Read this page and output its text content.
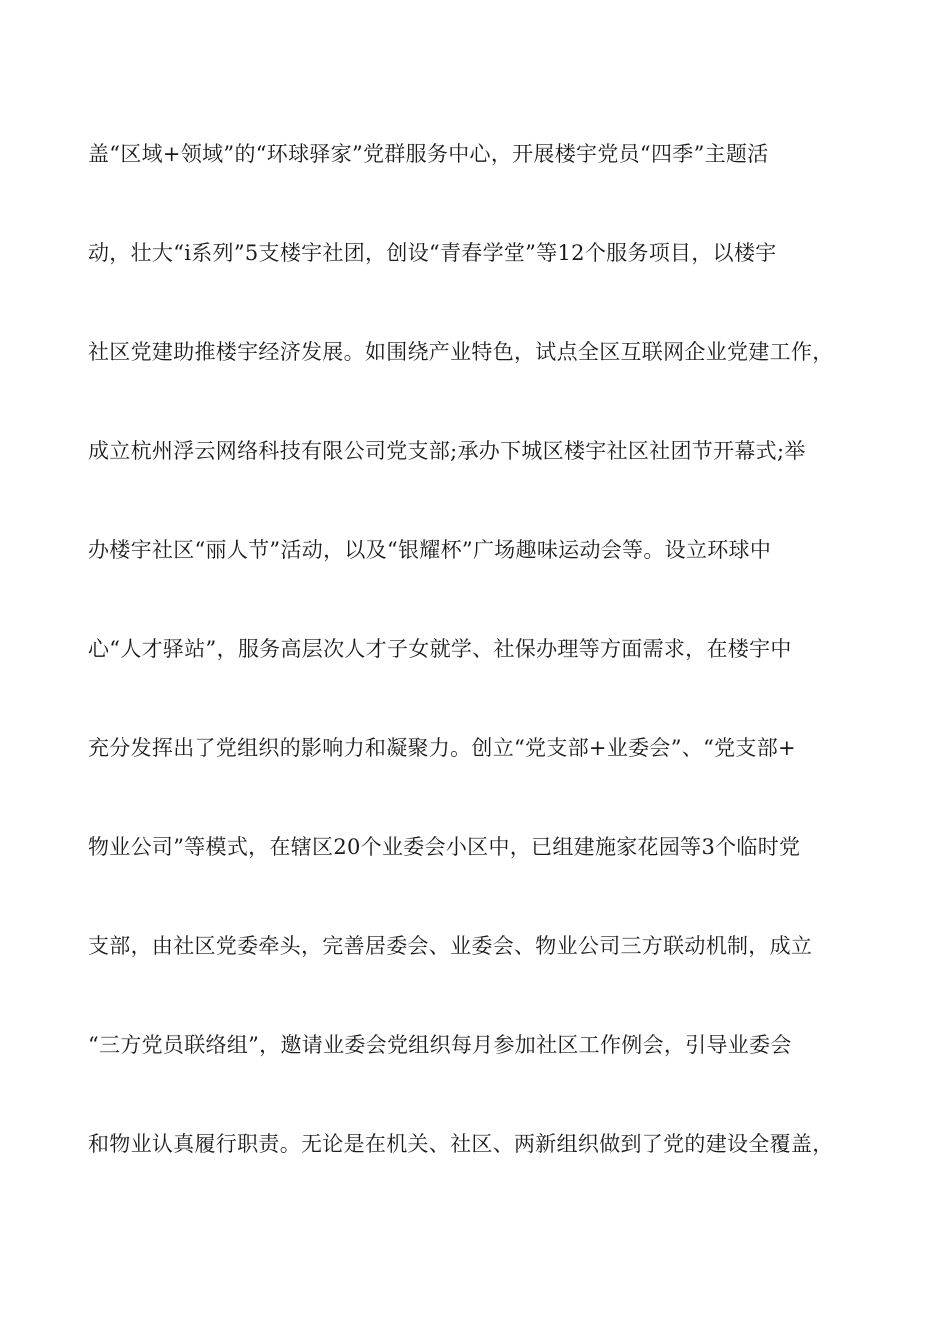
盖“区域+领域”的“环球驿家”党群服务中心，开展楼宇党员“四季”主题活
动，壮大“i系列”5支楼宇社团，创设“青春学堂”等12个服务项目，以楼宇
社区党建助推楼宇经济发展。如围绕产业特色，试点全区互联网企业党建工作，
成立杭州浮云网络科技有限公司党支部;承办下城区楼宇社区社团节开幕式;举
办楼宇社区“丽人节”活动，以及“银耀杯”广场趣味运动会等。设立环球中
心“人才驿站”，服务高层次人才子女就学、社保办理等方面需求，在楼宇中
充分发挥出了党组织的影响力和凝聚力。创立“党支部+业委会”、“党支部+
物业公司”等模式，在辖区20个业委会小区中，已组建施家花园等3个临时党
支部，由社区党委牵头，完善居委会、业委会、物业公司三方联动机制，成立
“三方党员联络组”，邀请业委会党组织每月参加社区工作例会，引导业委会
和物业认真履行职责。无论是在机关、社区、两新组织做到了党的建设全覆盖，
